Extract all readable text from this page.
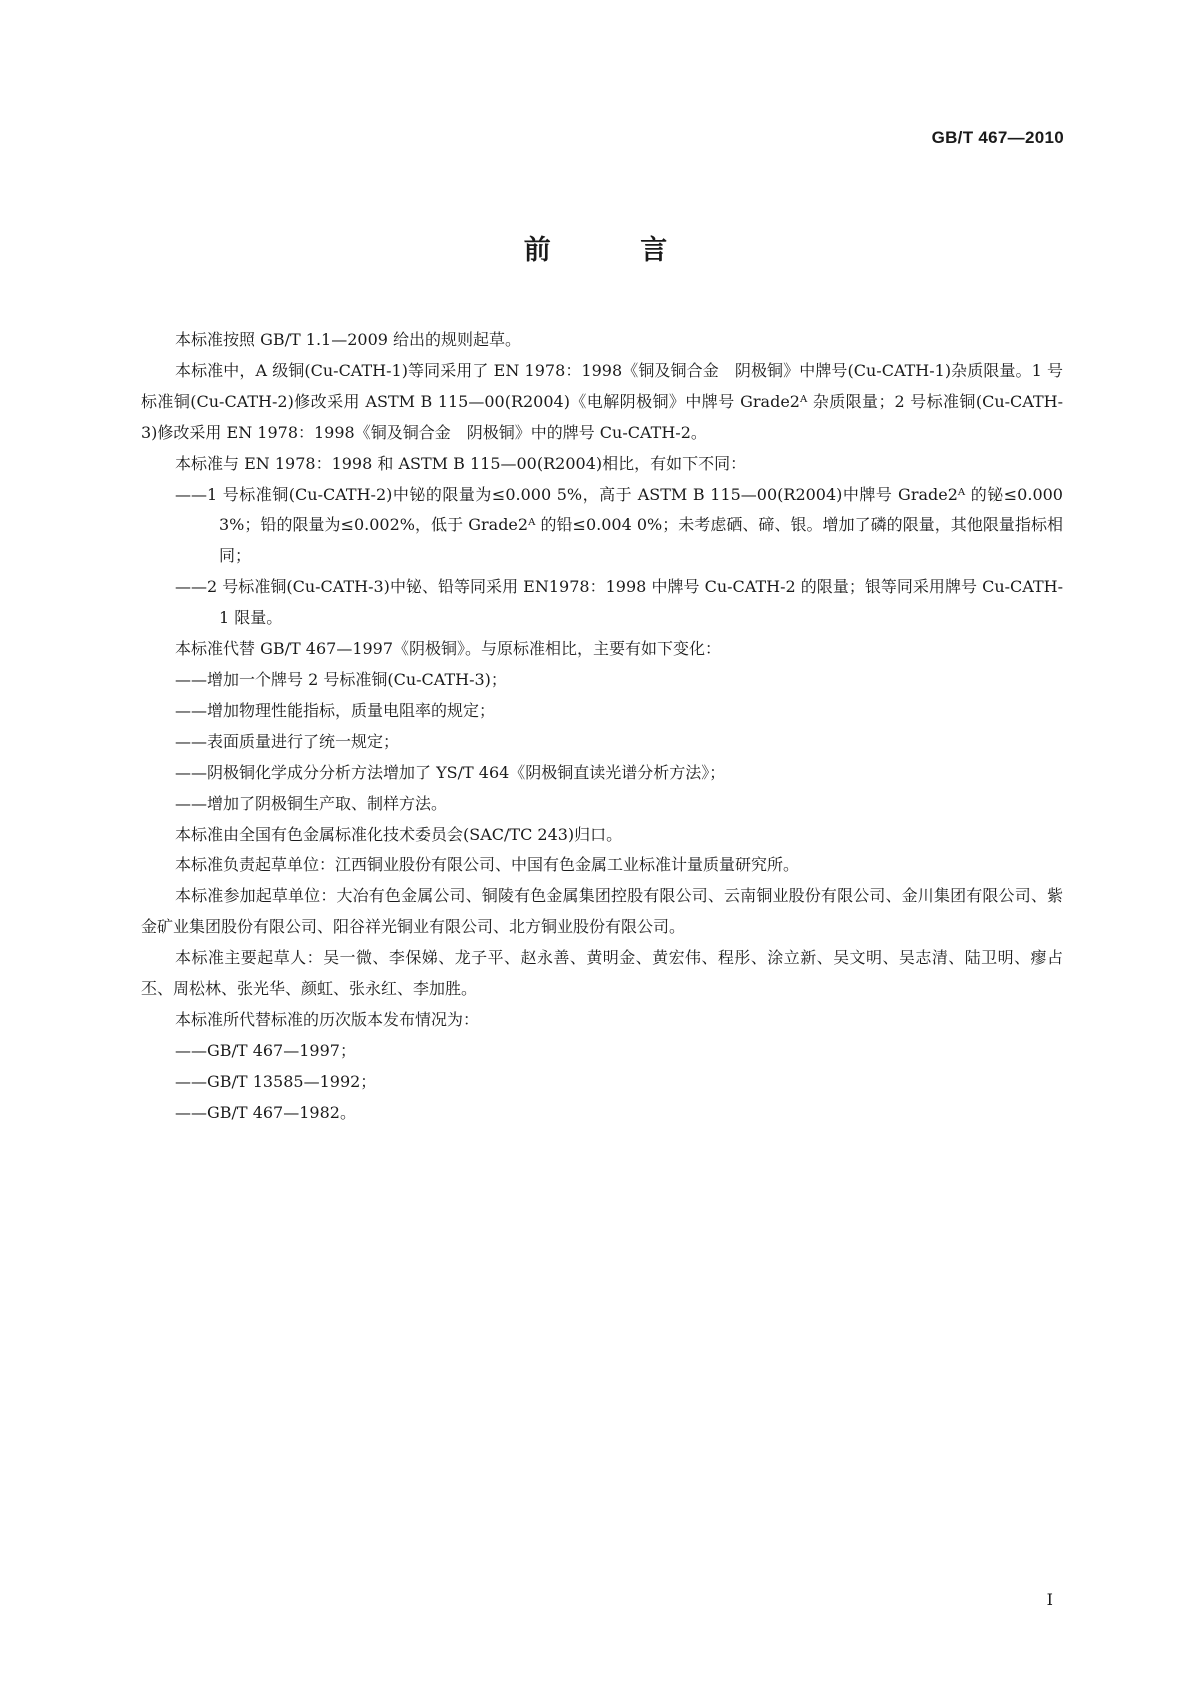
GB/T 467—2010
前 言

本标准按照 GB/T 1.1—2009 给出的规则起草。

本标准中，A 级铜(Cu-CATH-1)等同采用了 EN 1978：1998《铜及铜合金　阴极铜》中牌号(Cu-CATH-1)杂质限量。1 号标准铜(Cu-CATH-2)修改采用 ASTM B 115—00(R2004)《电解阴极铜》中牌号 Grade2ᴬ 杂质限量；2 号标准铜(Cu-CATH-3)修改采用 EN 1978：1998《铜及铜合金　阴极铜》中的牌号 Cu-CATH-2。

本标准与 EN 1978：1998 和 ASTM B 115—00(R2004)相比，有如下不同：

——1 号标准铜(Cu-CATH-2)中铋的限量为≤0.000 5%，高于 ASTM B 115—00(R2004)中牌号 Grade2ᴬ 的铋≤0.000 3%；铅的限量为≤0.002%，低于 Grade2ᴬ 的铅≤0.004 0%；未考虑硒、碲、银。增加了磷的限量，其他限量指标相同；

——2 号标准铜(Cu-CATH-3)中铋、铅等同采用 EN1978：1998 中牌号 Cu-CATH-2 的限量；银等同采用牌号 Cu-CATH-1 限量。

本标准代替 GB/T 467—1997《阴极铜》。与原标准相比，主要有如下变化：

——增加一个牌号 2 号标准铜(Cu-CATH-3)；

——增加物理性能指标，质量电阻率的规定；

——表面质量进行了统一规定；

——阴极铜化学成分分析方法增加了 YS/T 464《阴极铜直读光谱分析方法》；

——增加了阴极铜生产取、制样方法。

本标准由全国有色金属标准化技术委员会(SAC/TC 243)归口。

本标准负责起草单位：江西铜业股份有限公司、中国有色金属工业标准计量质量研究所。

本标准参加起草单位：大冶有色金属公司、铜陵有色金属集团控股有限公司、云南铜业股份有限公司、金川集团有限公司、紫金矿业集团股份有限公司、阳谷祥光铜业有限公司、北方铜业股份有限公司。

本标准主要起草人：吴一微、李保娣、龙子平、赵永善、黄明金、黄宏伟、程彤、涂立新、吴文明、吴志清、陆卫明、瘳占丕、周松林、张光华、颜虹、张永红、李加胜。

本标准所代替标准的历次版本发布情况为：

——GB/T 467—1997；

——GB/T 13585—1992；

——GB/T 467—1982。

I
